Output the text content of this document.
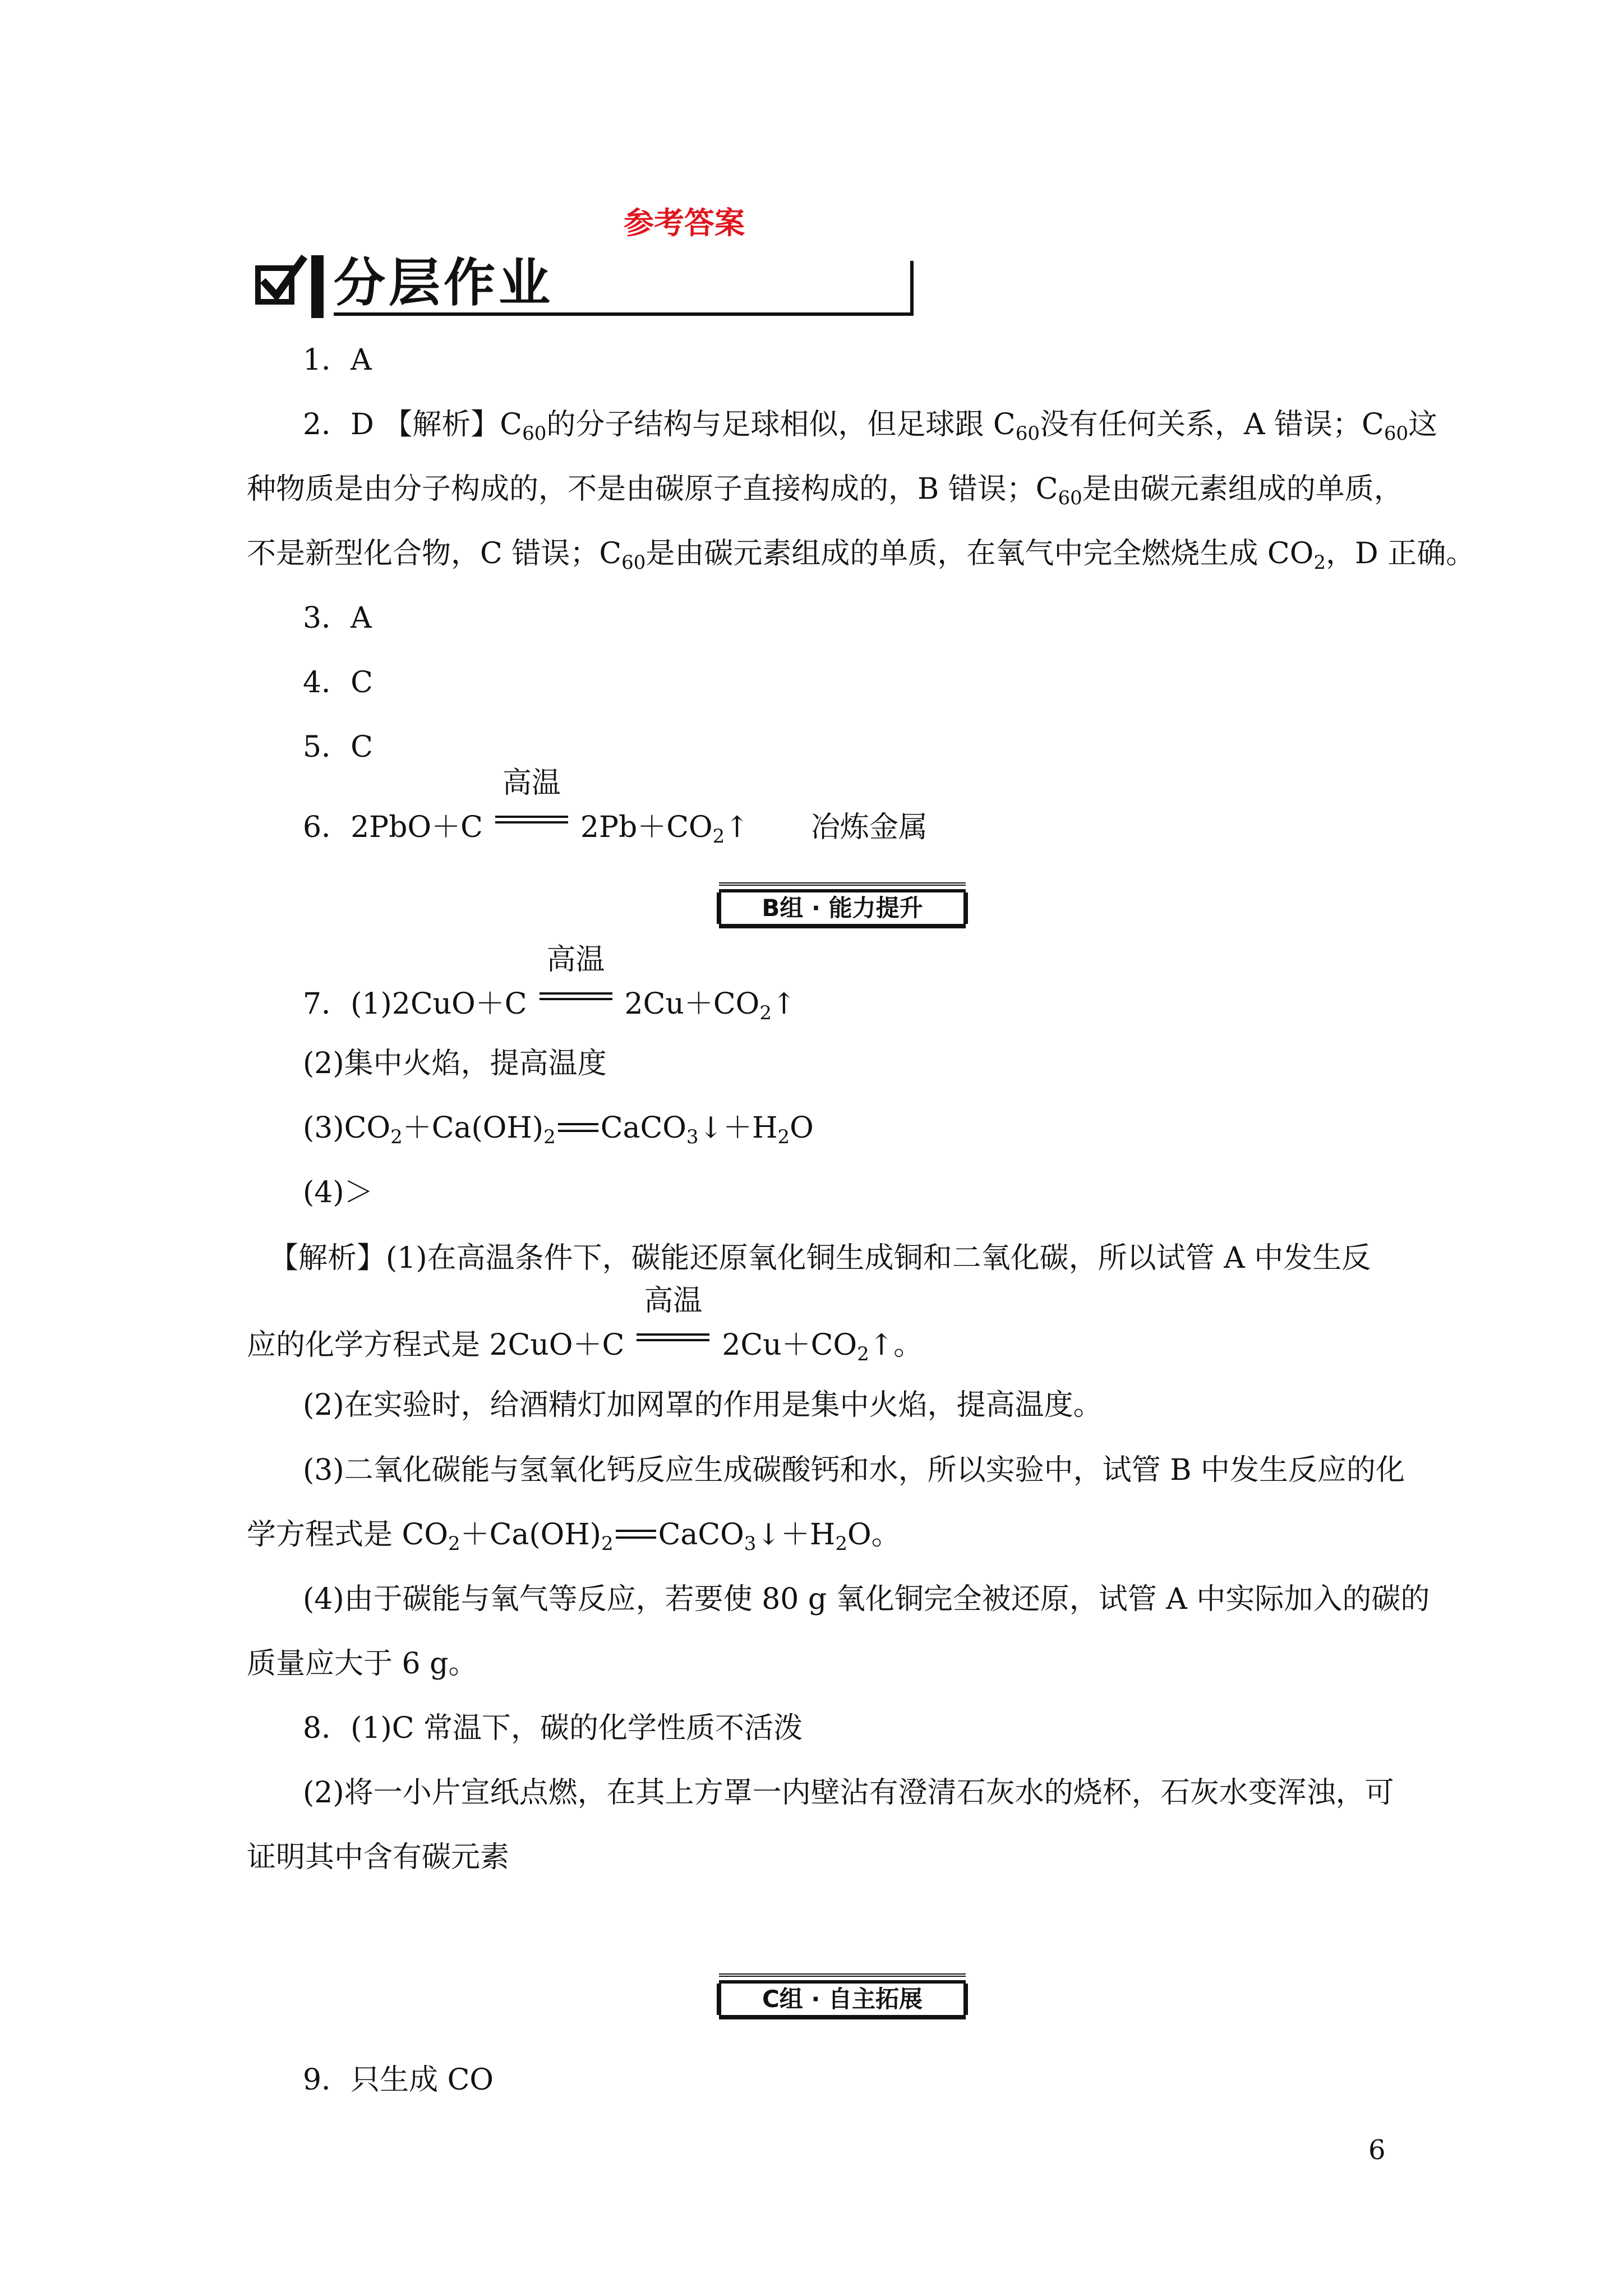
参考答案
分层作业
1．A
2．D 【解析】$C_{60}$的分子结构与足球相似，但足球跟 $C_{60}$没有任何关系，A 错误；$C_{60}$这
种物质是由分子构成的，不是由碳原子直接构成的，B 错误；$C_{60}$是由碳元素组成的单质，
不是新型化合物，C 错误；$C_{60}$是由碳元素组成的单质，在氧气中完全燃烧生成 $CO_2$，D 正确。
3．A
4．C
5．C
6．2PbO＋C
高温
$2Pb+CO_2↑$ 冶炼金属
B组 · 能力提升
7．(1)2CuO＋C
高温
$2Cu+CO_2↑$
(2)集中火焰，提高温度
$(3)CO_2+Ca(OH)_2$ $CaCO_3↓+H_2O$
(4)＞
【解析】(1)在高温条件下，碳能还原氧化铜生成铜和二氧化碳，所以试管 A 中发生反
应的化学方程式是 2CuO＋C
高温
$2Cu+CO_2↑$。
(2)在实验时，给酒精灯加网罩的作用是集中火焰，提高温度。
(3)二氧化碳能与氢氧化钙反应生成碳酸钙和水，所以实验中，试管 B 中发生反应的化
学方程式是 $CO_2+Ca(OH)_2$ $CaCO_3↓+H_2O$。
(4)由于碳能与氧气等反应，若要使 80 g 氧化铜完全被还原，试管 A 中实际加入的碳的
质量应大于 6 g。
8．(1)C 常温下，碳的化学性质不活泼
(2)将一小片宣纸点燃，在其上方罩一内壁沾有澄清石灰水的烧杯，石灰水变浑浊，可
证明其中含有碳元素
C组 · 自主拓展
9．只生成 CO
6
